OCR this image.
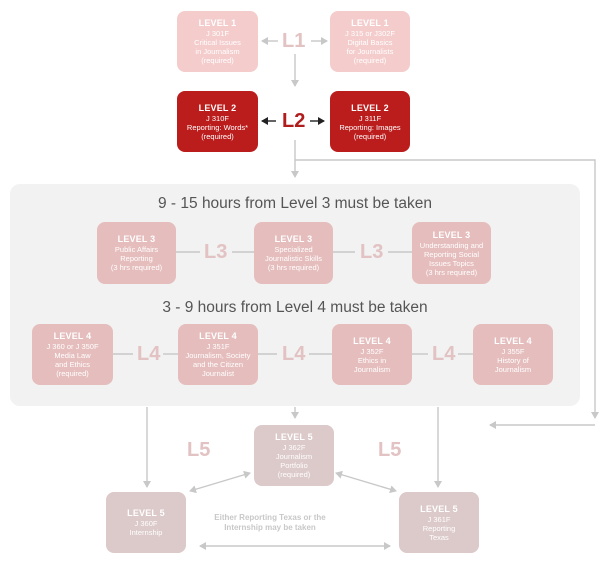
LEVEL 1
J 301F
Critical Issues
in Journalism
(required)
L1
LEVEL 1
J 315 or J302F
Digital Basics
for Journalists
(required)
LEVEL 2
J 310F
Reporting: Words*
(required)
L2
LEVEL 2
J 311F
Reporting: Images
(required)
9 - 15 hours from Level 3 must be taken
3 - 9 hours from Level 4 must be taken
LEVEL 3
Public Affairs
Reporting
(3 hrs required)
L3
LEVEL 3
Specialized
Journalistic Skills
(3 hrs required)
L3
LEVEL 3
Understanding and
Reporting Social
Issues Topics
(3 hrs required)
LEVEL 4
J 360 or J 350F
Media Law
and Ethics
(required)
L4
LEVEL 4
J 351F
Journalism, Society
and the Citizen
Journalist
L4
LEVEL 4
J 352F
Ethics in
Journalism
L4
LEVEL 4
J 355F
History of
Journalism
LEVEL 5
J 362F
Journalism
Portfolio
(required)
L5	L5
LEVEL 5
J 360F
Internship
LEVEL 5
J 361F
Reporting
Texas
Either Reporting Texas or the Internship may be taken
